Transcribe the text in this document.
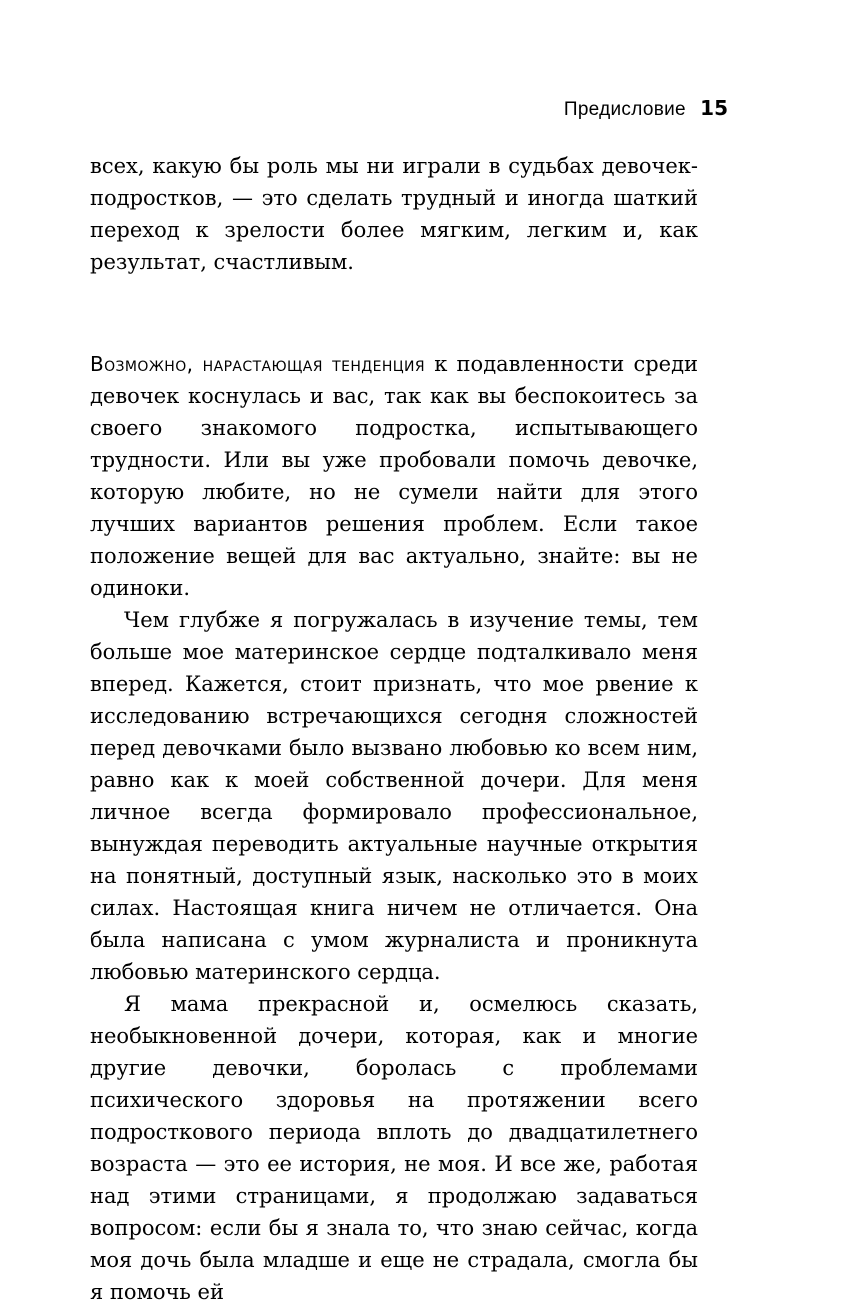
Предисловие 15

всех, какую бы роль мы ни играли в судьбах девочек-подростков, — это сделать трудный и иногда шаткий переход к зрелости более мягким, легким и, как результат, счастливым.

Возможно, нарастающая тенденция к подавленности среди девочек коснулась и вас, так как вы беспокоитесь за своего знакомого подростка, испытывающего трудности. Или вы уже пробовали помочь девочке, которую любите, но не сумели найти для этого лучших вариантов решения проблем. Если такое положение вещей для вас актуально, знайте: вы не одиноки.

Чем глубже я погружалась в изучение темы, тем больше мое материнское сердце подталкивало меня вперед. Кажется, стоит признать, что мое рвение к исследованию встречающихся сегодня сложностей перед девочками было вызвано любовью ко всем ним, равно как к моей собственной дочери. Для меня личное всегда формировало профессиональное, вынуждая переводить актуальные научные открытия на понятный, доступный язык, насколько это в моих силах. Настоящая книга ничем не отличается. Она была написана с умом журналиста и проникнута любовью материнского сердца.

Я мама прекрасной и, осмелюсь сказать, необыкновенной дочери, которая, как и многие другие девочки, боролась с проблемами психического здоровья на протяжении всего подросткового периода вплоть до двадцатилетнего возраста — это ее история, не моя. И все же, работая над этими страницами, я продолжаю задаваться вопросом: если бы я знала то, что знаю сейчас, когда моя дочь была младше и еще не страдала, смогла бы я помочь ей
